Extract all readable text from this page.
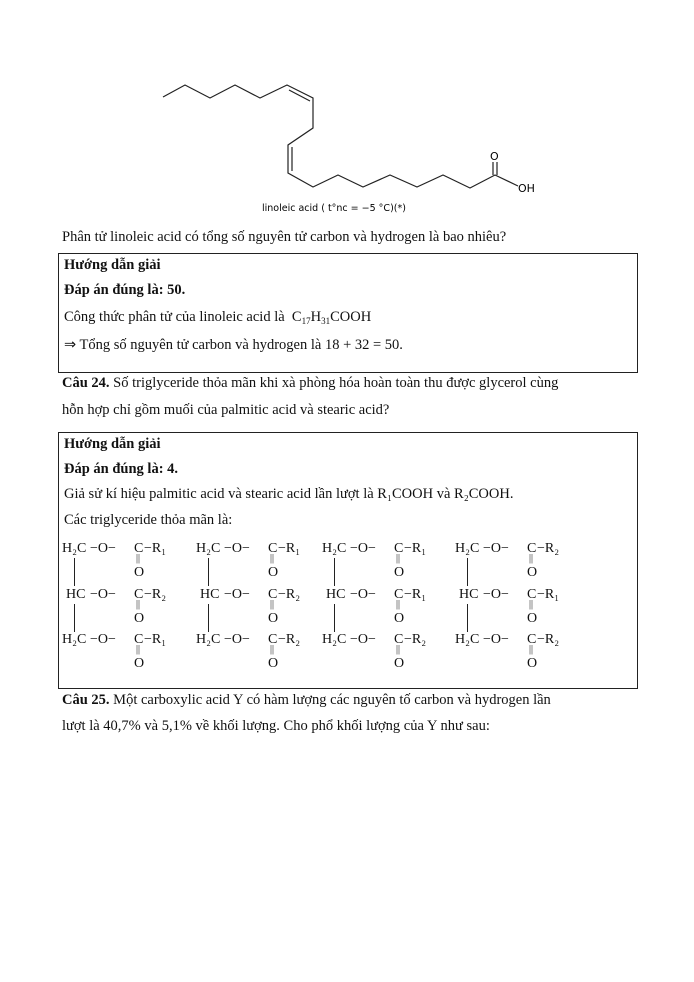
O
OH
linoleic acid ( t°nc = −5 °C)(*)
Phân tử linoleic acid có tổng số nguyên tử carbon và hydrogen là bao nhiêu?
Hướng dẫn giải
Đáp án đúng là: 50.
Công thức phân tử của linoleic acid là $C_{17}H_{31}COOH$
⇒ Tổng số nguyên tử carbon và hydrogen là 18 + 32 = 50.
Câu 24. Số triglyceride thỏa mãn khi xà phòng hóa hoàn toàn thu được glycerol cùng
hỗn hợp chỉ gồm muối của palmitic acid và stearic acid?
Hướng dẫn giải
Đáp án đúng là: 4.
Giả sử kí hiệu palmitic acid và stearic acid lần lượt là R₁COOH và R₂COOH.
Các triglyceride thỏa mãn là:
H₂C −O− C −R₁
||
O
HC −O− C −R₂
||
O
H₂C −O− C −R₁
||
O
H₂C −O− C −R₁
||
O
HC −O− C −R₂
||
O
H₂C −O− C −R₂
||
O
H₂C −O− C −R₁
||
O
HC −O− C −R₁
||
O
H₂C −O− C −R₂
||
O
H₂C −O− C −R₂
||
O
HC −O− C −R₁
||
O
H₂C −O− C −R₂
||
O
Câu 25. Một carboxylic acid Y có hàm lượng các nguyên tố carbon và hydrogen lần
lượt là 40,7% và 5,1% về khối lượng. Cho phổ khối lượng của Y như sau:
